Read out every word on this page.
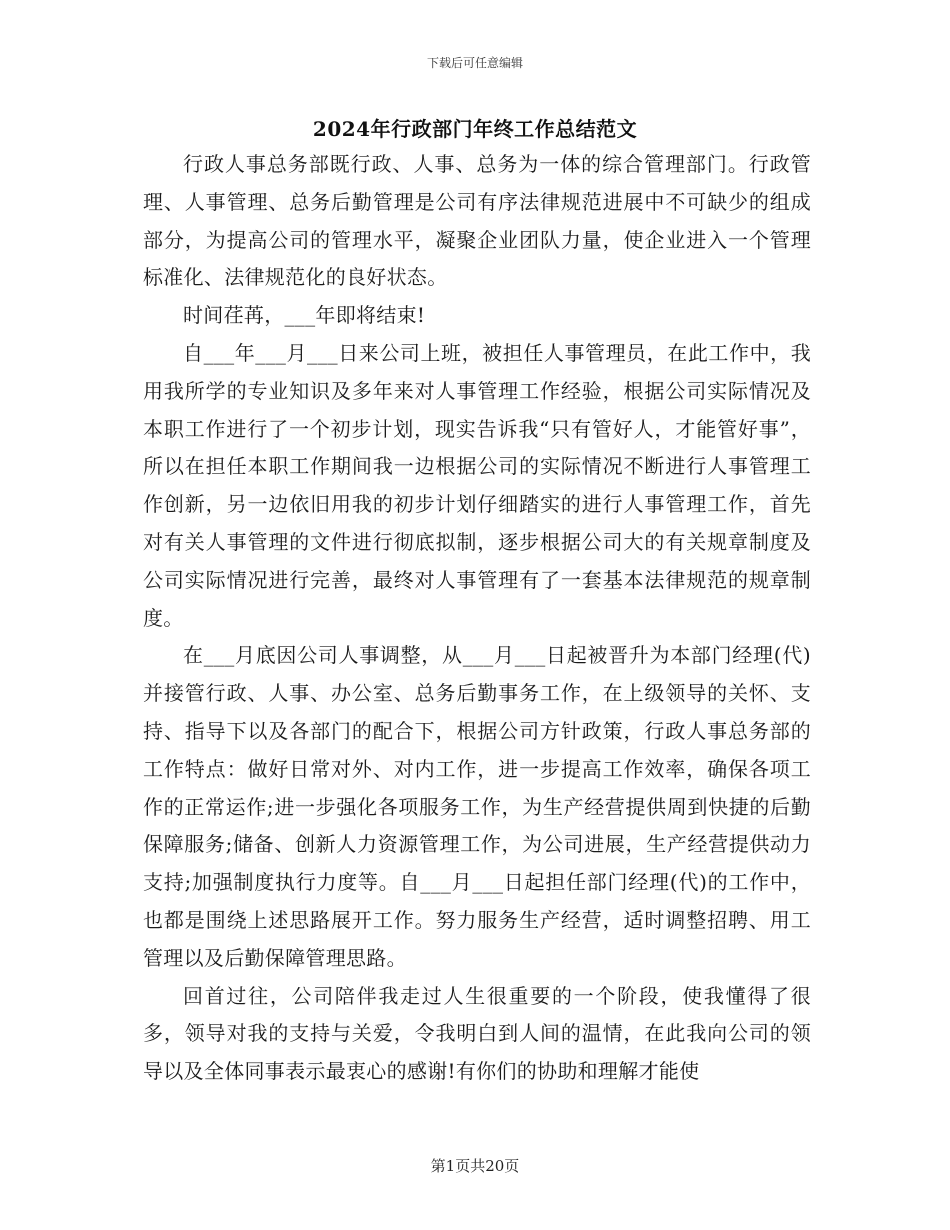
下载后可任意编辑
2024年行政部门年终工作总结范文

行政人事总务部既行政、人事、总务为一体的综合管理部门。行政管理、人事管理、总务后勤管理是公司有序法律规范进展中不可缺少的组成部分，为提高公司的管理水平，凝聚企业团队力量，使企业进入一个管理标准化、法律规范化的良好状态。

时间荏苒，___年即将结束!

自___年___月___日来公司上班，被担任人事管理员，在此工作中，我用我所学的专业知识及多年来对人事管理工作经验，根据公司实际情况及本职工作进行了一个初步计划，现实告诉我“只有管好人，才能管好事”，所以在担任本职工作期间我一边根据公司的实际情况不断进行人事管理工作创新，另一边依旧用我的初步计划仔细踏实的进行人事管理工作，首先对有关人事管理的文件进行彻底拟制，逐步根据公司大的有关规章制度及公司实际情况进行完善，最终对人事管理有了一套基本法律规范的规章制度。

在___月底因公司人事调整，从___月___日起被晋升为本部门经理(代)并接管行政、人事、办公室、总务后勤事务工作，在上级领导的关怀、支持、指导下以及各部门的配合下，根据公司方针政策，行政人事总务部的工作特点：做好日常对外、对内工作，进一步提高工作效率，确保各项工作的正常运作;进一步强化各项服务工作，为生产经营提供周到快捷的后勤保障服务;储备、创新人力资源管理工作，为公司进展，生产经营提供动力支持;加强制度执行力度等。自___月___日起担任部门经理(代)的工作中，也都是围绕上述思路展开工作。努力服务生产经营，适时调整招聘、用工管理以及后勤保障管理思路。

回首过往，公司陪伴我走过人生很重要的一个阶段，使我懂得了很多，领导对我的支持与关爱，令我明白到人间的温情，在此我向公司的领导以及全体同事表示最衷心的感谢!有你们的协助和理解才能使

第1页共20页
